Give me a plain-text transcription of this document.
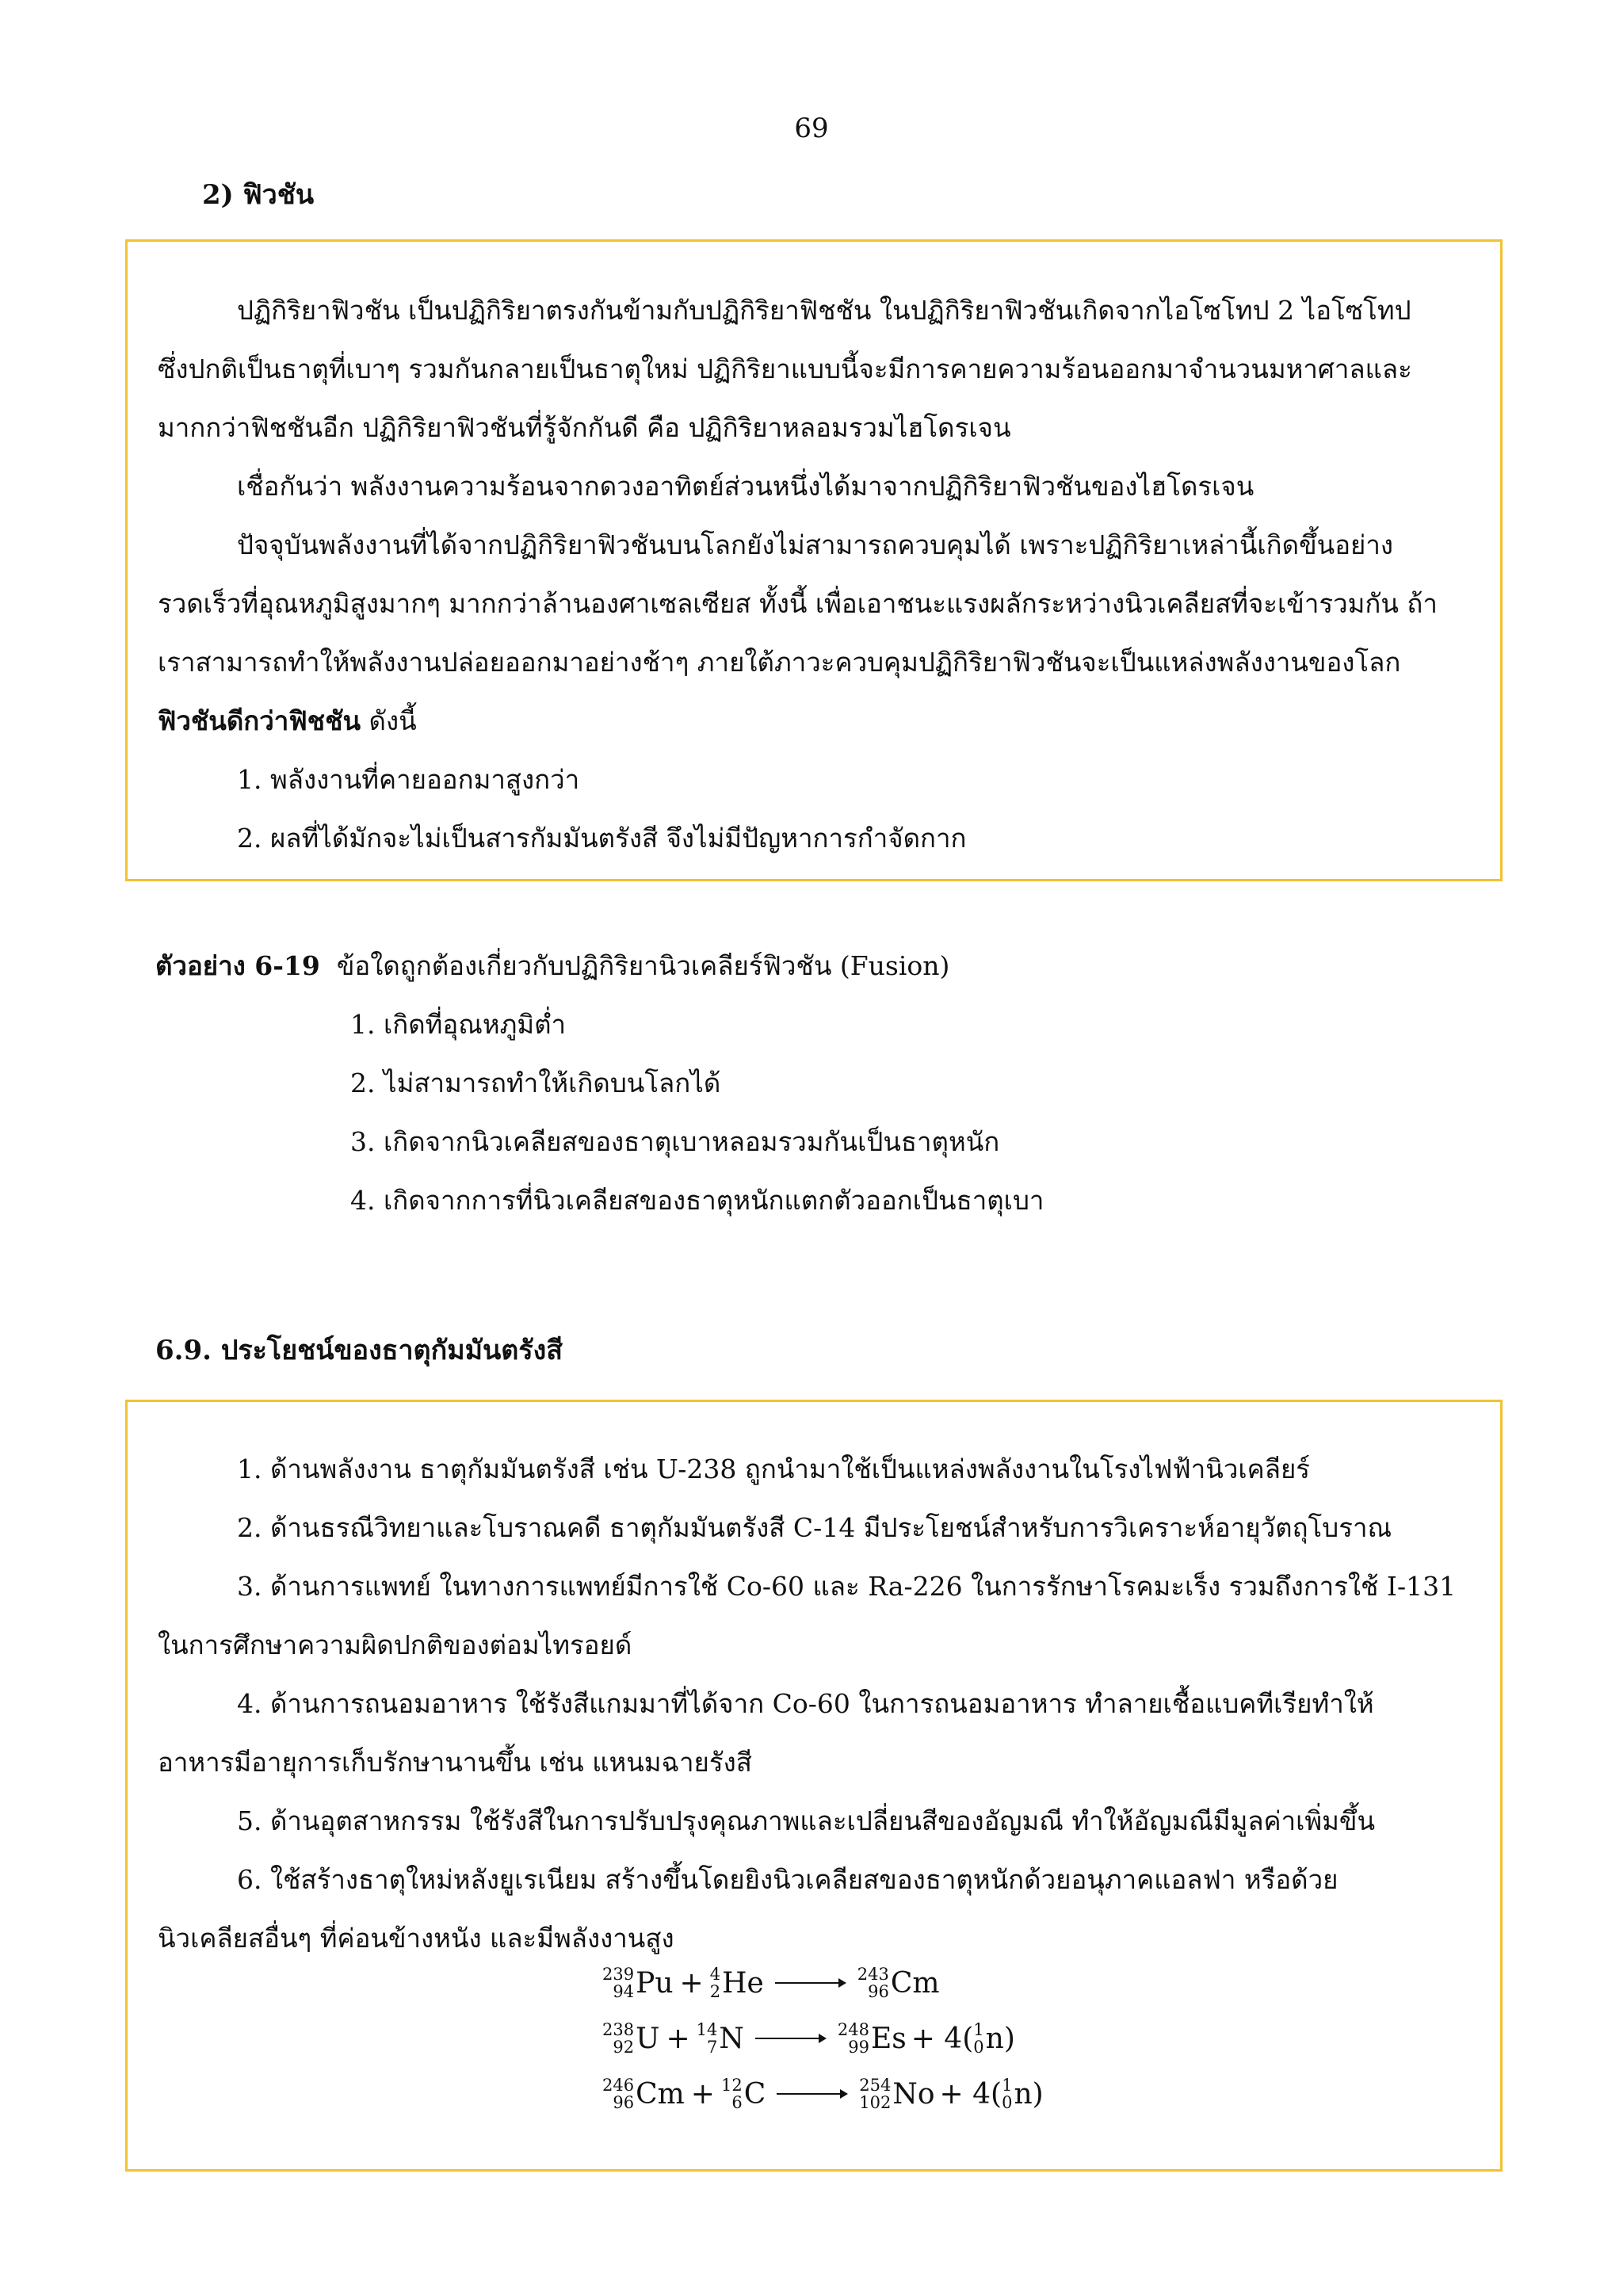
69
2) ฟิวชัน
ปฏิกิริยาฟิวชัน เป็นปฏิกิริยาตรงกันข้ามกับปฏิกิริยาฟิชชัน ในปฏิกิริยาฟิวชันเกิดจากไอโซโทป 2 ไอโซโทป
ซึ่งปกติเป็นธาตุที่เบาๆ รวมกันกลายเป็นธาตุใหม่ ปฏิกิริยาแบบนี้จะมีการคายความร้อนออกมาจำนวนมหาศาลและ
มากกว่าฟิชชันอีก ปฏิกิริยาฟิวชันที่รู้จักกันดี คือ ปฏิกิริยาหลอมรวมไฮโดรเจน
เชื่อกันว่า พลังงานความร้อนจากดวงอาทิตย์ส่วนหนึ่งได้มาจากปฏิกิริยาฟิวชันของไฮโดรเจน
ปัจจุบันพลังงานที่ได้จากปฏิกิริยาฟิวชันบนโลกยังไม่สามารถควบคุมได้ เพราะปฏิกิริยาเหล่านี้เกิดขึ้นอย่าง
รวดเร็วที่อุณหภูมิสูงมากๆ มากกว่าล้านองศาเซลเซียส ทั้งนี้ เพื่อเอาชนะแรงผลักระหว่างนิวเคลียสที่จะเข้ารวมกัน ถ้า
เราสามารถทำให้พลังงานปล่อยออกมาอย่างช้าๆ ภายใต้ภาวะควบคุมปฏิกิริยาฟิวชันจะเป็นแหล่งพลังงานของโลก
ฟิวชันดีกว่าฟิชชัน ดังนี้
1. พลังงานที่คายออกมาสูงกว่า
2. ผลที่ได้มักจะไม่เป็นสารกัมมันตรังสี จึงไม่มีปัญหาการกำจัดกาก
ตัวอย่าง 6-19 ข้อใดถูกต้องเกี่ยวกับปฏิกิริยานิวเคลียร์ฟิวชัน (Fusion)
1. เกิดที่อุณหภูมิต่ำ
2. ไม่สามารถทำให้เกิดบนโลกได้
3. เกิดจากนิวเคลียสของธาตุเบาหลอมรวมกันเป็นธาตุหนัก
4. เกิดจากการที่นิวเคลียสของธาตุหนักแตกตัวออกเป็นธาตุเบา
6.9. ประโยชน์ของธาตุกัมมันตรังสี
1. ด้านพลังงาน ธาตุกัมมันตรังสี เช่น U-238 ถูกนำมาใช้เป็นแหล่งพลังงานในโรงไฟฟ้านิวเคลียร์
2. ด้านธรณีวิทยาและโบราณคดี ธาตุกัมมันตรังสี C-14 มีประโยชน์สำหรับการวิเคราะห์อายุวัตถุโบราณ
3. ด้านการแพทย์ ในทางการแพทย์มีการใช้ Co-60 และ Ra-226 ในการรักษาโรคมะเร็ง รวมถึงการใช้ I-131
ในการศึกษาความผิดปกติของต่อมไทรอยด์
4. ด้านการถนอมอาหาร ใช้รังสีแกมมาที่ได้จาก Co-60 ในการถนอมอาหาร ทำลายเชื้อแบคทีเรียทำให้
อาหารมีอายุการเก็บรักษานานขึ้น เช่น แหนมฉายรังสี
5. ด้านอุตสาหกรรม ใช้รังสีในการปรับปรุงคุณภาพและเปลี่ยนสีของอัญมณี ทำให้อัญมณีมีมูลค่าเพิ่มขึ้น
6. ใช้สร้างธาตุใหม่หลังยูเรเนียม สร้างขึ้นโดยยิงนิวเคลียสของธาตุหนักด้วยอนุภาคแอลฟา หรือด้วย
นิวเคลียสอื่นๆ ที่ค่อนข้างหนัง และมีพลังงานสูง
239
94 Pu + 4
2 He → 243
96 Cm
238
92 U + 14
7 N → 248
99 Es + 4( 1
0 n )
246
96 Cm + 12
6 C → 254
102 No + 4( 1
0 n )
